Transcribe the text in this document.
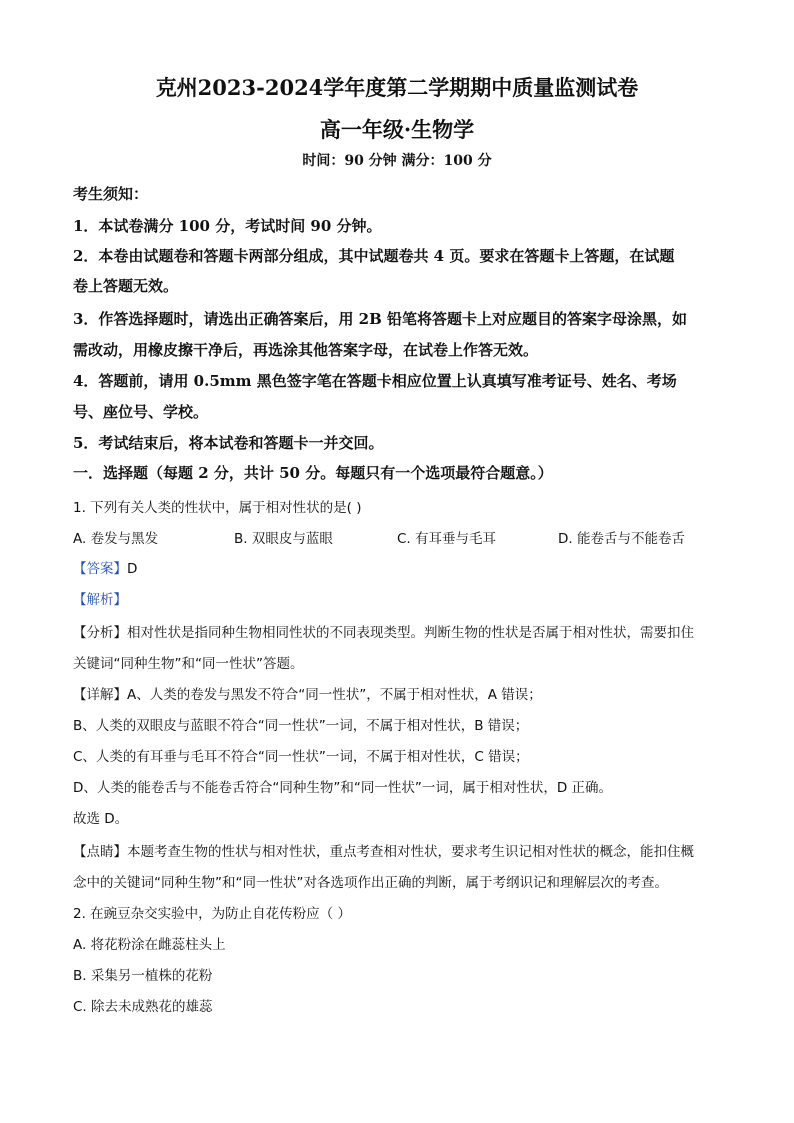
克州2023-2024学年度第二学期期中质量监测试卷
高一年级·生物学
时间：90 分钟 满分：100 分
考生须知：
1．本试卷满分 100 分，考试时间 90 分钟。
2．本卷由试题卷和答题卡两部分组成，其中试题卷共 4 页。要求在答题卡上答题，在试题
卷上答题无效。
3．作答选择题时，请选出正确答案后，用 2B 铅笔将答题卡上对应题目的答案字母涂黑，如
需改动，用橡皮擦干净后，再选涂其他答案字母，在试卷上作答无效。
4．答题前，请用 0.5mm 黑色签字笔在答题卡相应位置上认真填写准考证号、姓名、考场
号、座位号、学校。
5．考试结束后，将本试卷和答题卡一并交回。
一．选择题（每题 2 分，共计 50 分。每题只有一个选项最符合题意。）
1. 下列有关人类的性状中，属于相对性状的是( )
A. 卷发与黑发	B. 双眼皮与蓝眼	C. 有耳垂与毛耳	D. 能卷舌与不能卷舌
【答案】D
【解析】
【分析】相对性状是指同种生物相同性状的不同表现类型。判断生物的性状是否属于相对性状，需要扣住
关键词“同种生物”和“同一性状”答题。
【详解】A、人类的卷发与黑发不符合“同一性状”，不属于相对性状，A 错误；
B、人类的双眼皮与蓝眼不符合“同一性状”一词，不属于相对性状，B 错误；
C、人类的有耳垂与毛耳不符合“同一性状”一词，不属于相对性状，C 错误；
D、人类的能卷舌与不能卷舌符合“同种生物”和“同一性状”一词，属于相对性状，D 正确。
故选 D。
【点睛】本题考查生物的性状与相对性状，重点考查相对性状，要求考生识记相对性状的概念，能扣住概
念中的关键词“同种生物”和“同一性状”对各选项作出正确的判断，属于考纲识记和理解层次的考查。
2. 在豌豆杂交实验中，为防止自花传粉应（ ）
A. 将花粉涂在雌蕊柱头上
B. 采集另一植株的花粉
C. 除去未成熟花的雄蕊
